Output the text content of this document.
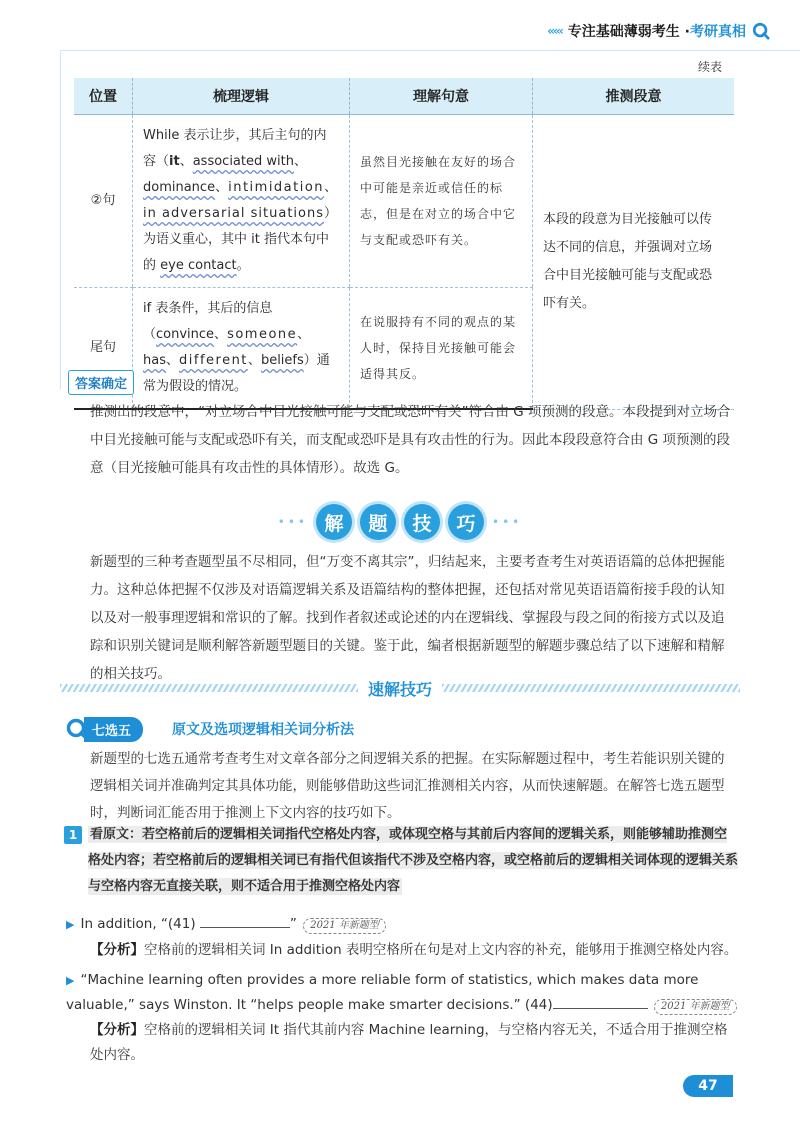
‹‹‹‹‹ 专注基础薄弱考生 · 考研真相
续表
位置	梳理逻辑	理解句意	推测段意
②句	While 表示让步，其后主句的内容（it、associated with、dominance、intimidation、in adversarial situations）为语义重心，其中 it 指代本句中的 eye contact。	虽然目光接触在友好的场合中可能是亲近或信任的标志，但是在对立的场合中它与支配或恐吓有关。	本段的段意为目光接触可以传达不同的信息，并强调对立场合中目光接触可能与支配或恐吓有关。
尾句	if 表条件，其后的信息（convince、someone、has、different、beliefs）通常为假设的情况。	在说服持有不同的观点的某人时，保持目光接触可能会适得其反。	
答案确定
推测出的段意中，“对立场合中目光接触可能与支配或恐吓有关”符合由 G 项预测的段意。本段提到对立场合中目光接触可能与支配或恐吓有关，而支配或恐吓是具有攻击性的行为。因此本段段意符合由 G 项预测的段意（目光接触可能具有攻击性的具体情形）。故选 G。
••• 解	题	技	巧	•••
新题型的三种考查题型虽不尽相同，但“万变不离其宗”，归结起来，主要考查考生对英语语篇的总体把握能力。这种总体把握不仅涉及对语篇逻辑关系及语篇结构的整体把握，还包括对常见英语语篇衔接手段的认知以及对一般事理逻辑和常识的了解。找到作者叙述或论述的内在逻辑线、掌握段与段之间的衔接方式以及追踪和识别关键词是顺利解答新题型题目的关键。鉴于此，编者根据新题型的解题步骤总结了以下速解和精解的相关技巧。
速解技巧
七选五	原文及选项逻辑相关词分析法
新题型的七选五通常考查考生对文章各部分之间逻辑关系的把握。在实际解题过程中，考生若能识别关键的逻辑相关词并准确判定其具体功能，则能够借助这些词汇推测相关内容，从而快速解题。在解答七选五题型时，判断词汇能否用于推测上下文内容的技巧如下。
1 看原文：若空格前后的逻辑相关词指代空格处内容，或体现空格与其前后内容间的逻辑关系，则能够辅助推测空格处内容；若空格前后的逻辑相关词已有指代但该指代不涉及空格内容，或空格前后的逻辑相关词体现的逻辑关系与空格内容无直接关联，则不适合用于推测空格处内容
▶ In addition, “(41)	” 2021 年新题型
【分析】空格前的逻辑相关词 In addition 表明空格所在句是对上文内容的补充，能够用于推测空格处内容。
▶ “Machine learning often provides a more reliable form of statistics, which makes data more valuable,” says Winston. It “helps people make smarter decisions.” (44)	2021 年新题型
【分析】空格前的逻辑相关词 It 指代其前内容 Machine learning，与空格内容无关，不适合用于推测空格处内容。
47
